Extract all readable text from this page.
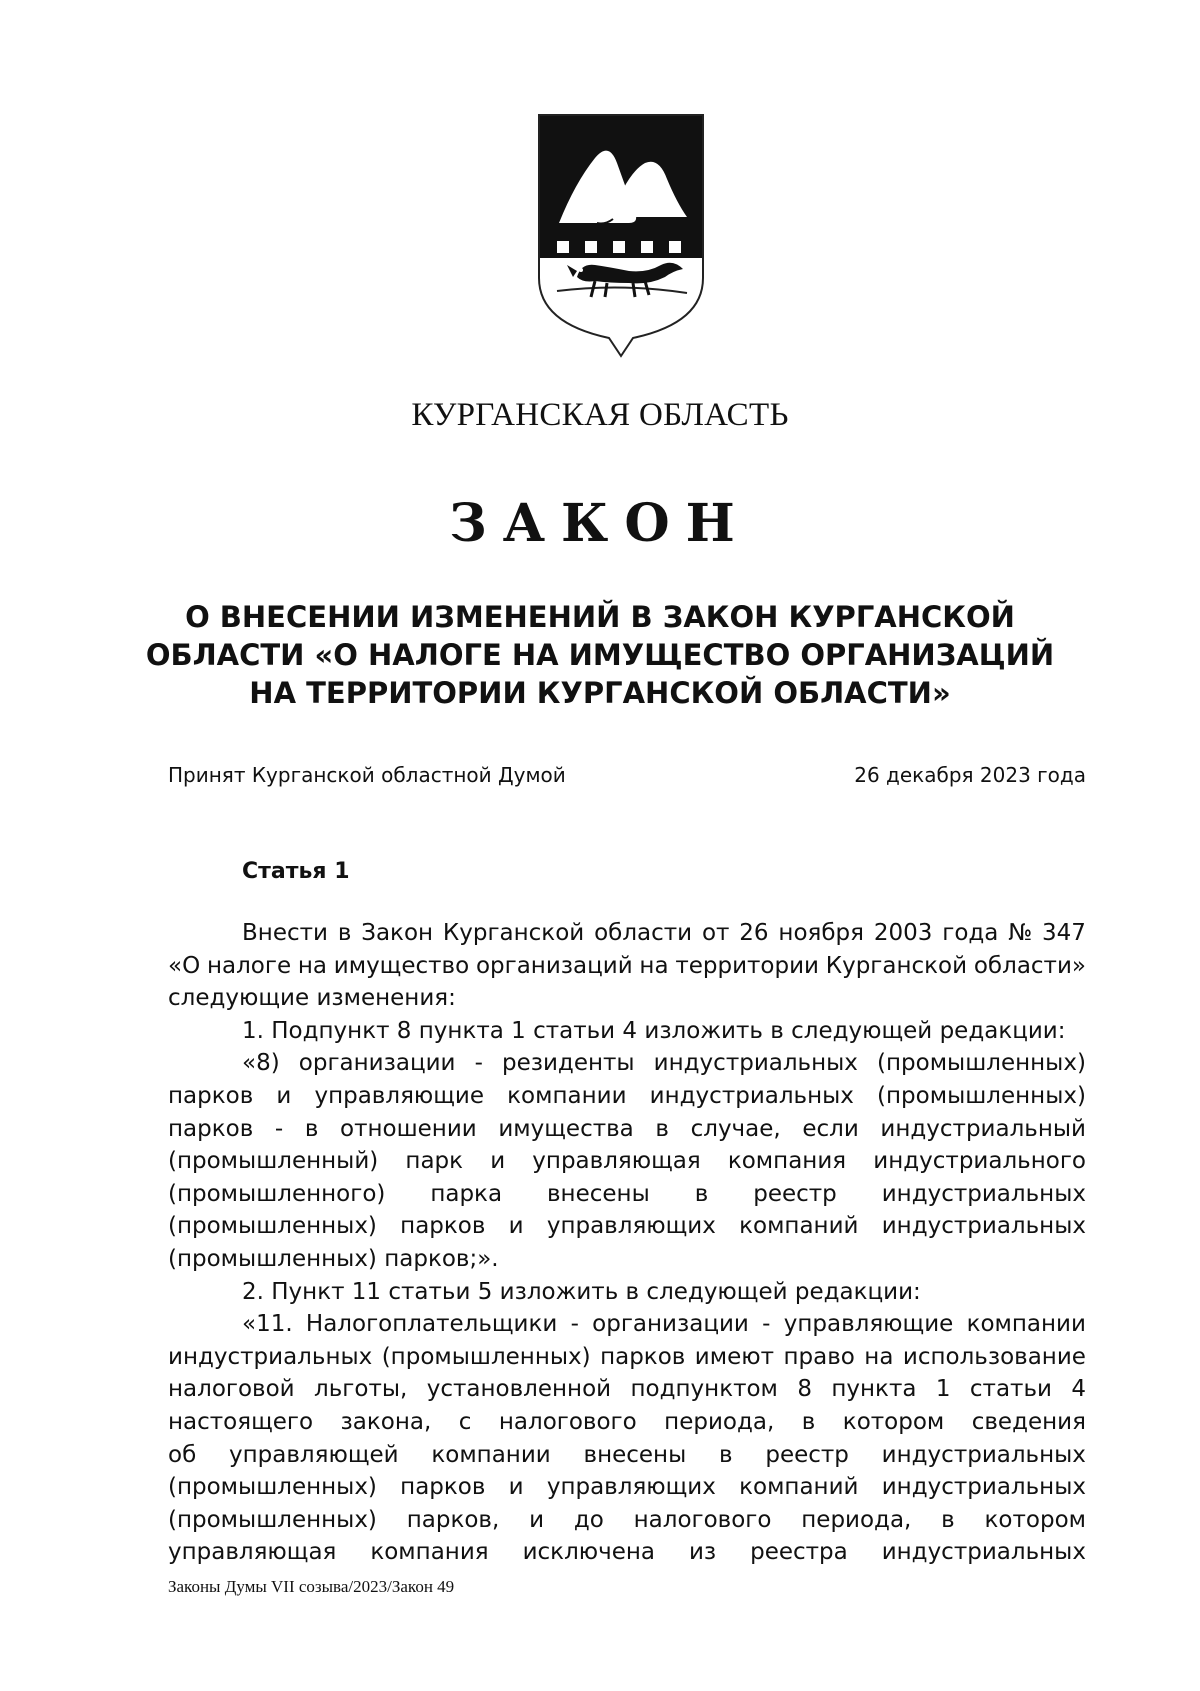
КУРГАНСКАЯ ОБЛАСТЬ
ЗАКОН
О ВНЕСЕНИИ ИЗМЕНЕНИЙ В ЗАКОН КУРГАНСКОЙ
ОБЛАСТИ «О НАЛОГЕ НА ИМУЩЕСТВО ОРГАНИЗАЦИЙ
НА ТЕРРИТОРИИ КУРГАНСКОЙ ОБЛАСТИ»
Принят Курганской областной Думой	26 декабря 2023 года
Статья 1
Внести в Закон Курганской области от 26 ноября 2003 года № 347
«О налоге на имущество организаций на территории Курганской области»
следующие изменения:
1. Подпункт 8 пункта 1 статьи 4 изложить в следующей редакции:
«8) организации - резиденты индустриальных (промышленных)
парков и управляющие компании индустриальных (промышленных)
парков - в отношении имущества в случае, если индустриальный
(промышленный) парк и управляющая компания индустриального
(промышленного) парка внесены в реестр индустриальных
(промышленных) парков и управляющих компаний индустриальных
(промышленных) парков;».
2. Пункт 11 статьи 5 изложить в следующей редакции:
«11. Налогоплательщики - организации - управляющие компании
индустриальных (промышленных) парков имеют право на использование
налоговой льготы, установленной подпунктом 8 пункта 1 статьи 4
настоящего закона, с налогового периода, в котором сведения
об управляющей компании внесены в реестр индустриальных
(промышленных) парков и управляющих компаний индустриальных
(промышленных) парков, и до налогового периода, в котором
управляющая компания исключена из реестра индустриальных
Законы Думы VII созыва/2023/Закон 49
